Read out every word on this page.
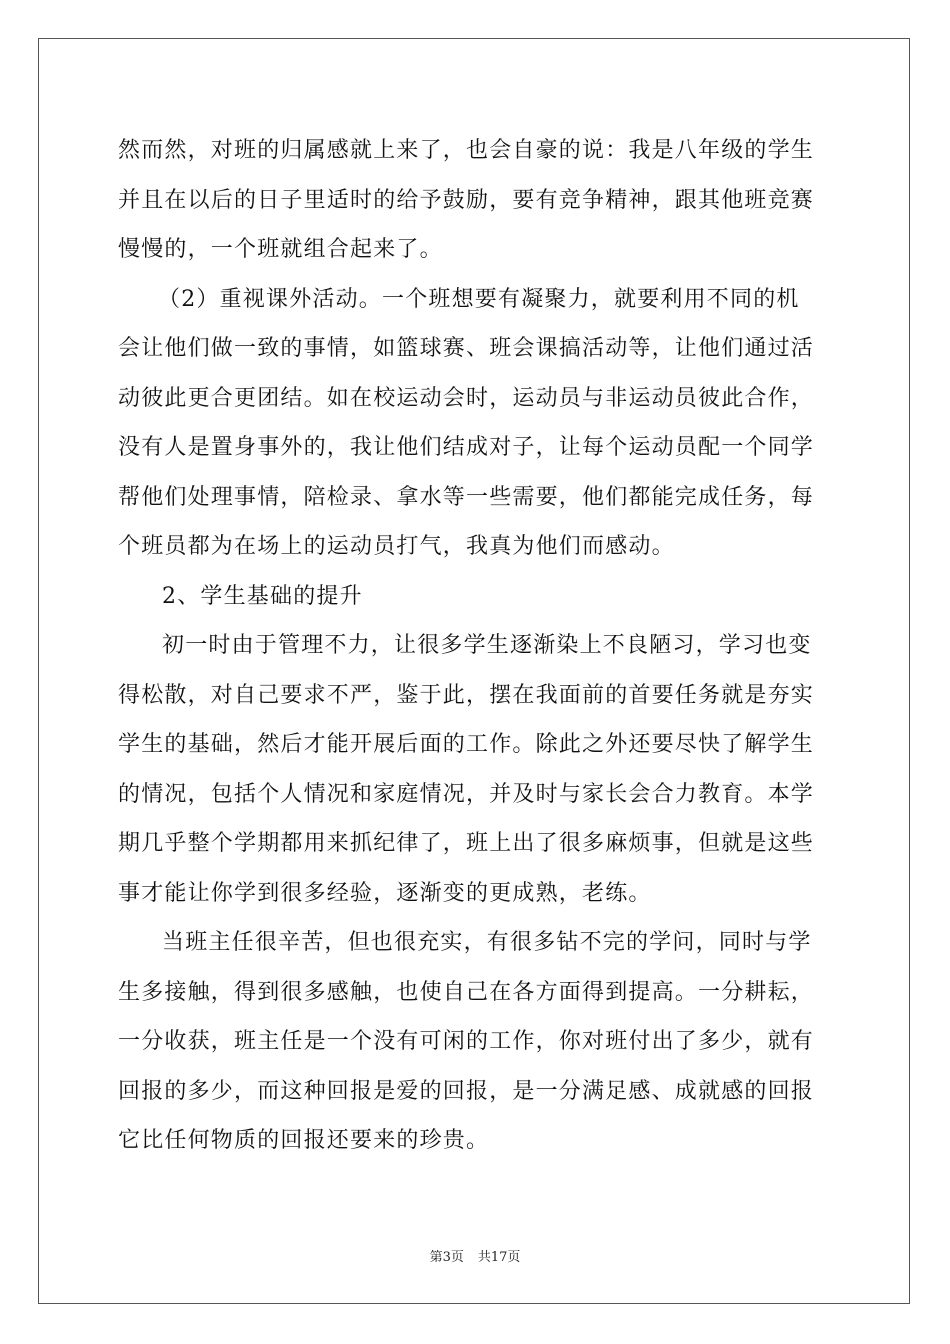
然而然，对班的归属感就上来了，也会自豪的说：我是八年级的学生
并且在以后的日子里适时的给予鼓励，要有竞争精神，跟其他班竞赛
慢慢的，一个班就组合起来了。
（2）重视课外活动。一个班想要有凝聚力，就要利用不同的机
会让他们做一致的事情，如篮球赛、班会课搞活动等，让他们通过活
动彼此更合更团结。如在校运动会时，运动员与非运动员彼此合作，
没有人是置身事外的，我让他们结成对子，让每个运动员配一个同学
帮他们处理事情，陪检录、拿水等一些需要，他们都能完成任务，每
个班员都为在场上的运动员打气，我真为他们而感动。
2、学生基础的提升
初一时由于管理不力，让很多学生逐渐染上不良陋习，学习也变
得松散，对自己要求不严，鉴于此，摆在我面前的首要任务就是夯实
学生的基础，然后才能开展后面的工作。除此之外还要尽快了解学生
的情况，包括个人情况和家庭情况，并及时与家长会合力教育。本学
期几乎整个学期都用来抓纪律了，班上出了很多麻烦事，但就是这些
事才能让你学到很多经验，逐渐变的更成熟，老练。
当班主任很辛苦，但也很充实，有很多钻不完的学问，同时与学
生多接触，得到很多感触，也使自己在各方面得到提高。一分耕耘，
一分收获，班主任是一个没有可闲的工作，你对班付出了多少，就有
回报的多少，而这种回报是爱的回报，是一分满足感、成就感的回报
它比任何物质的回报还要来的珍贵。
第3页 共17页
